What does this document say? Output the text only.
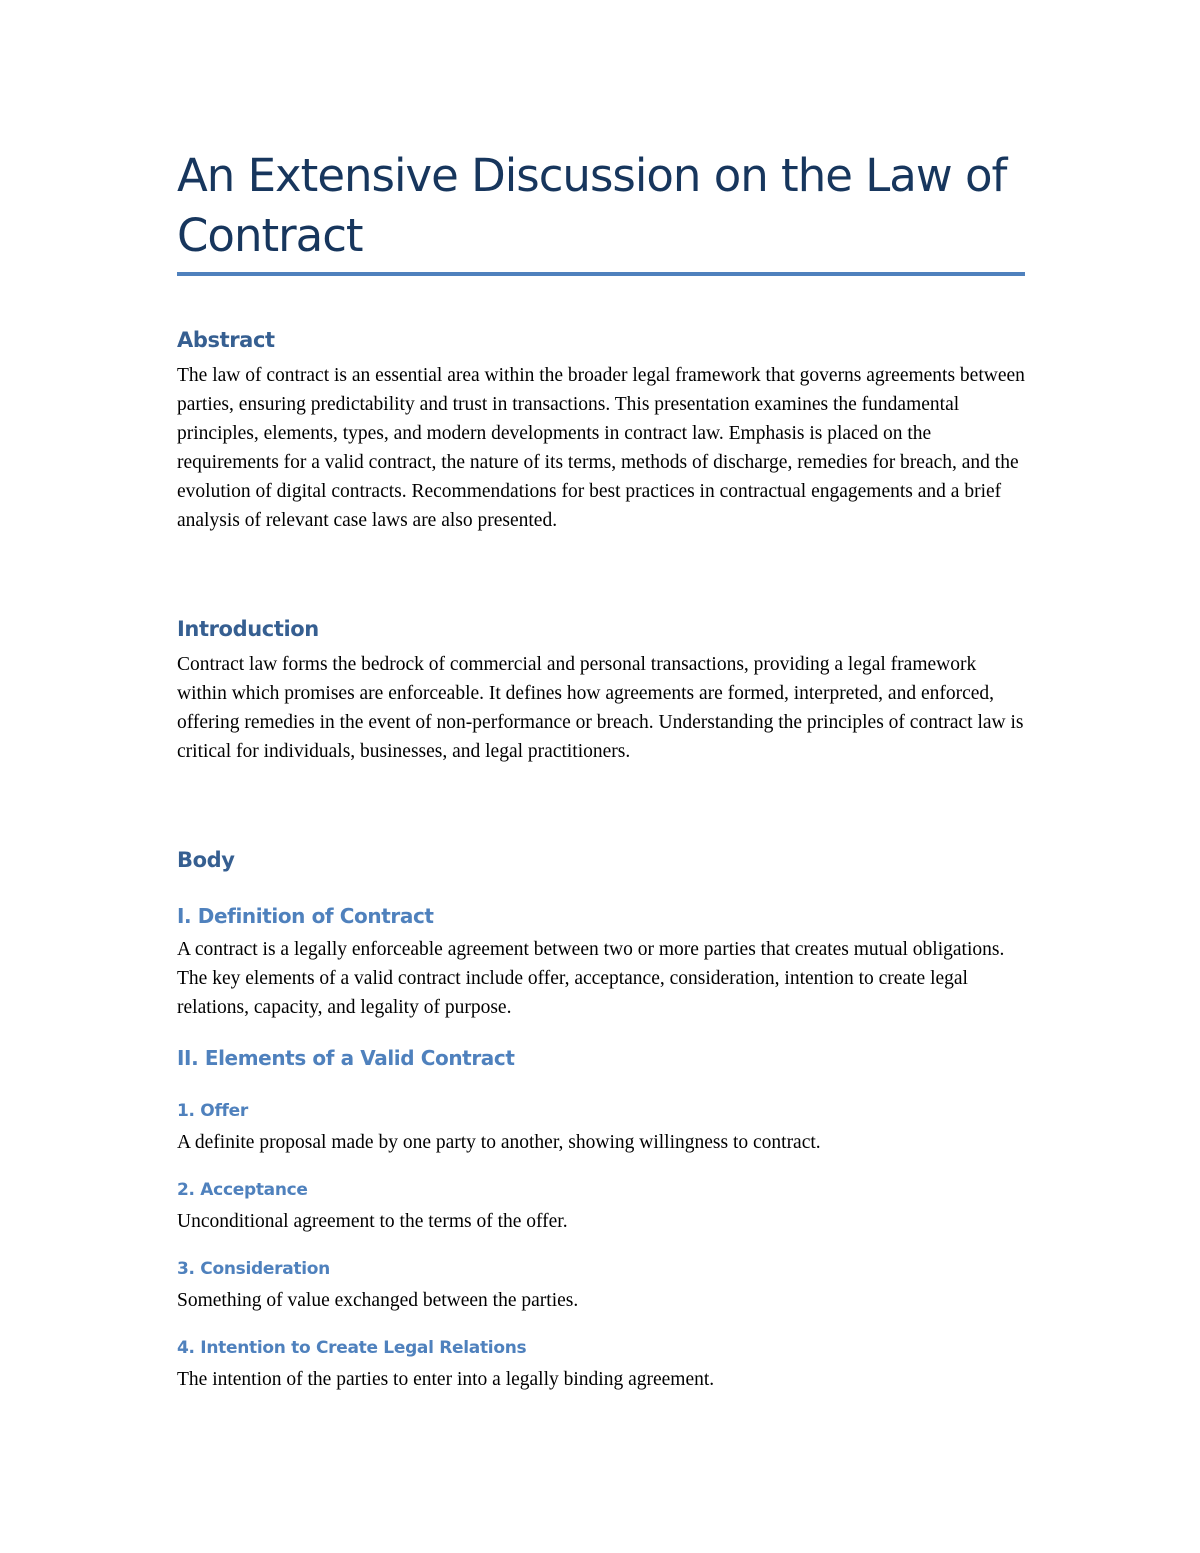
An Extensive Discussion on the Law of Contract
Abstract

The law of contract is an essential area within the broader legal framework that governs agreements between parties, ensuring predictability and trust in transactions. This presentation examines the fundamental principles, elements, types, and modern developments in contract law. Emphasis is placed on the requirements for a valid contract, the nature of its terms, methods of discharge, remedies for breach, and the evolution of digital contracts. Recommendations for best practices in contractual engagements and a brief analysis of relevant case laws are also presented.

Introduction

Contract law forms the bedrock of commercial and personal transactions, providing a legal framework within which promises are enforceable. It defines how agreements are formed, interpreted, and enforced, offering remedies in the event of non-performance or breach. Understanding the principles of contract law is critical for individuals, businesses, and legal practitioners.

Body
I. Definition of Contract

A contract is a legally enforceable agreement between two or more parties that creates mutual obligations. The key elements of a valid contract include offer, acceptance, consideration, intention to create legal relations, capacity, and legality of purpose.

II. Elements of a Valid Contract
1. Offer

A definite proposal made by one party to another, showing willingness to contract.

2. Acceptance

Unconditional agreement to the terms of the offer.

3. Consideration

Something of value exchanged between the parties.

4. Intention to Create Legal Relations

The intention of the parties to enter into a legally binding agreement.
